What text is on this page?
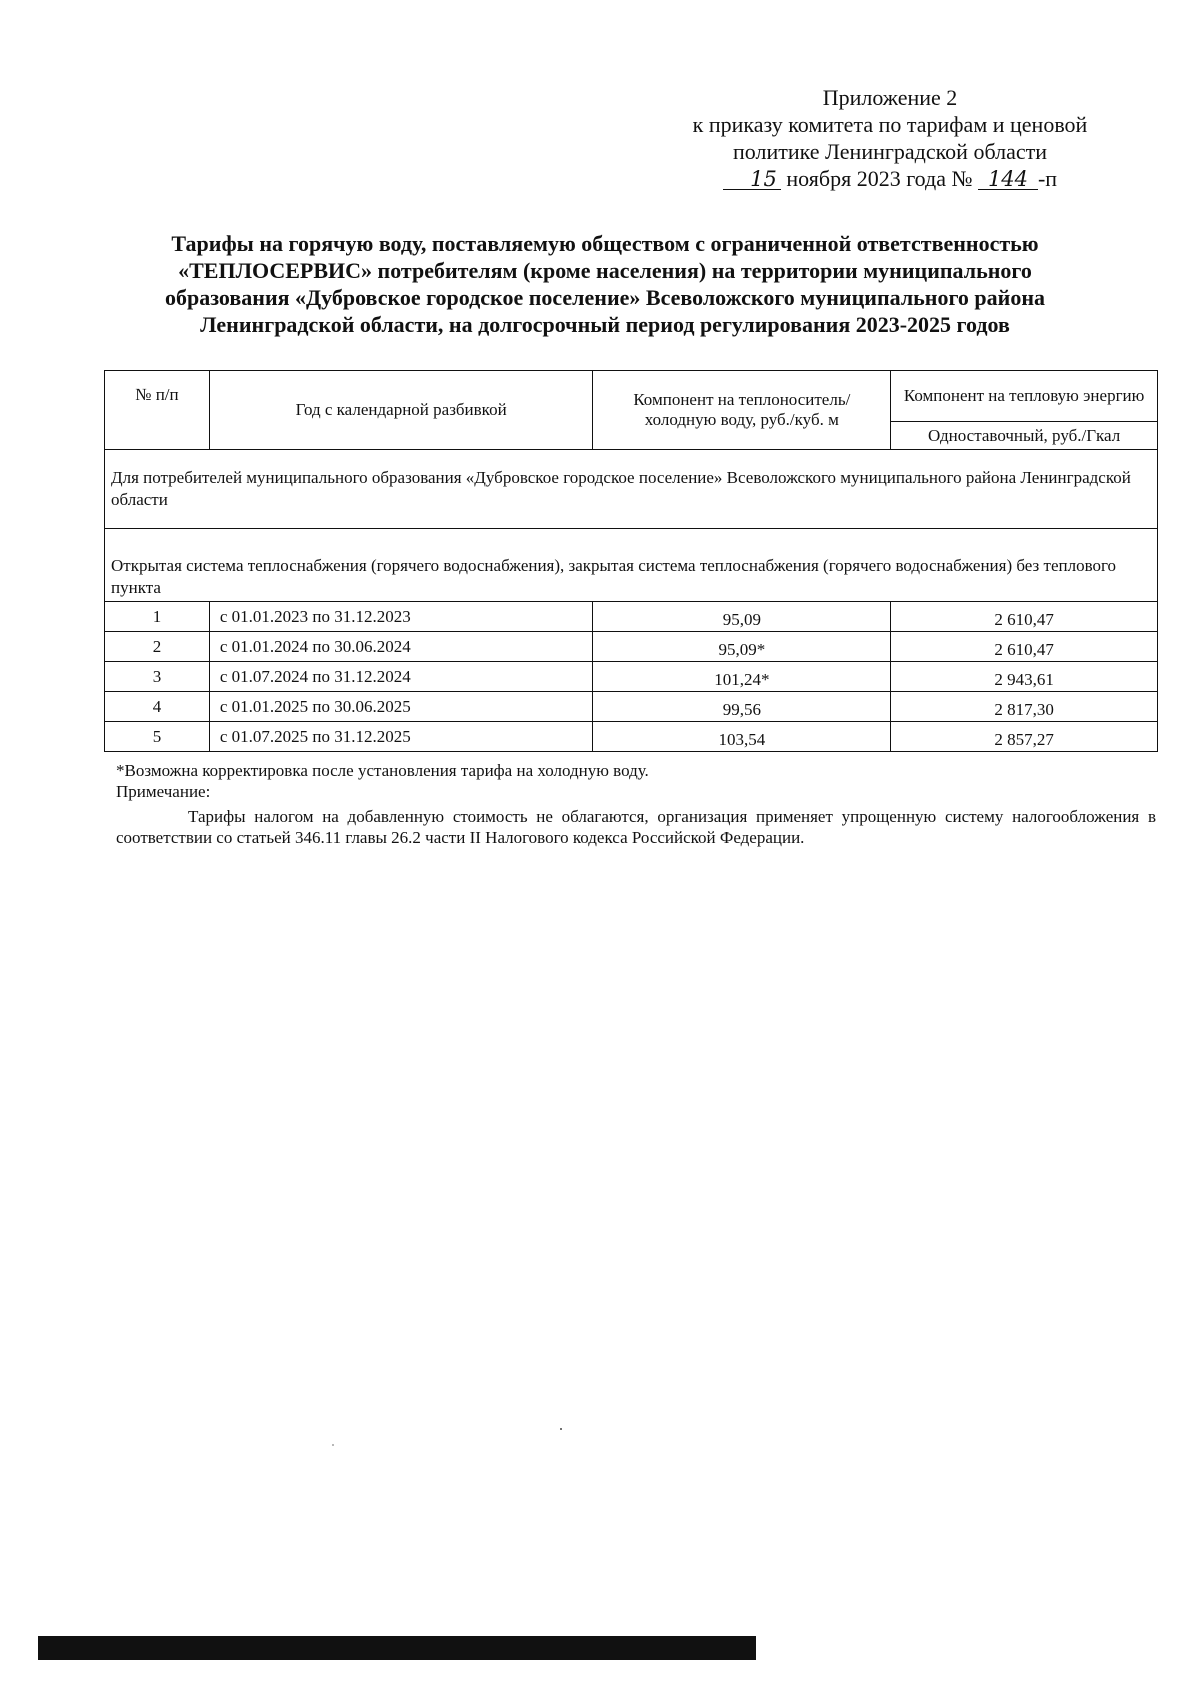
Приложение 2
к приказу комитета по тарифам и ценовой
политике Ленинградской области
15 ноября 2023 года № 144 -п
Тарифы на горячую воду, поставляемую обществом с ограниченной ответственностью
«ТЕПЛОСЕРВИС» потребителям (кроме населения) на территории муниципального
образования «Дубровское городское поселение» Всеволожского муниципального района
Ленинградской области, на долгосрочный период регулирования 2023-2025 годов
№ п/п	Год с календарной разбивкой	Компонент на теплоноситель/ холодную воду, руб./куб. м	Компонент на тепловую энергию
			Одноставочный, руб./Гкал
Для потребителей муниципального образования «Дубровское городское поселение» Всеволожского муниципального района Ленинградской области			
Открытая система теплоснабжения (горячего водоснабжения), закрытая система теплоснабжения (горячего водоснабжения) без теплового пункта			
1	с 01.01.2023 по 31.12.2023	95,09	2 610,47
2	с 01.01.2024 по 30.06.2024	95,09*	2 610,47
3	с 01.07.2024 по 31.12.2024	101,24*	2 943,61
4	с 01.01.2025 по 30.06.2025	99,56	2 817,30
5	с 01.07.2025 по 31.12.2025	103,54	2 857,27
*Возможна корректировка после установления тарифа на холодную воду.
Примечание:
Тарифы налогом на добавленную стоимость не облагаются, организация применяет упрощенную систему налогообложения в соответствии со статьей 346.11 главы 26.2 части II Налогового кодекса Российской Федерации.
